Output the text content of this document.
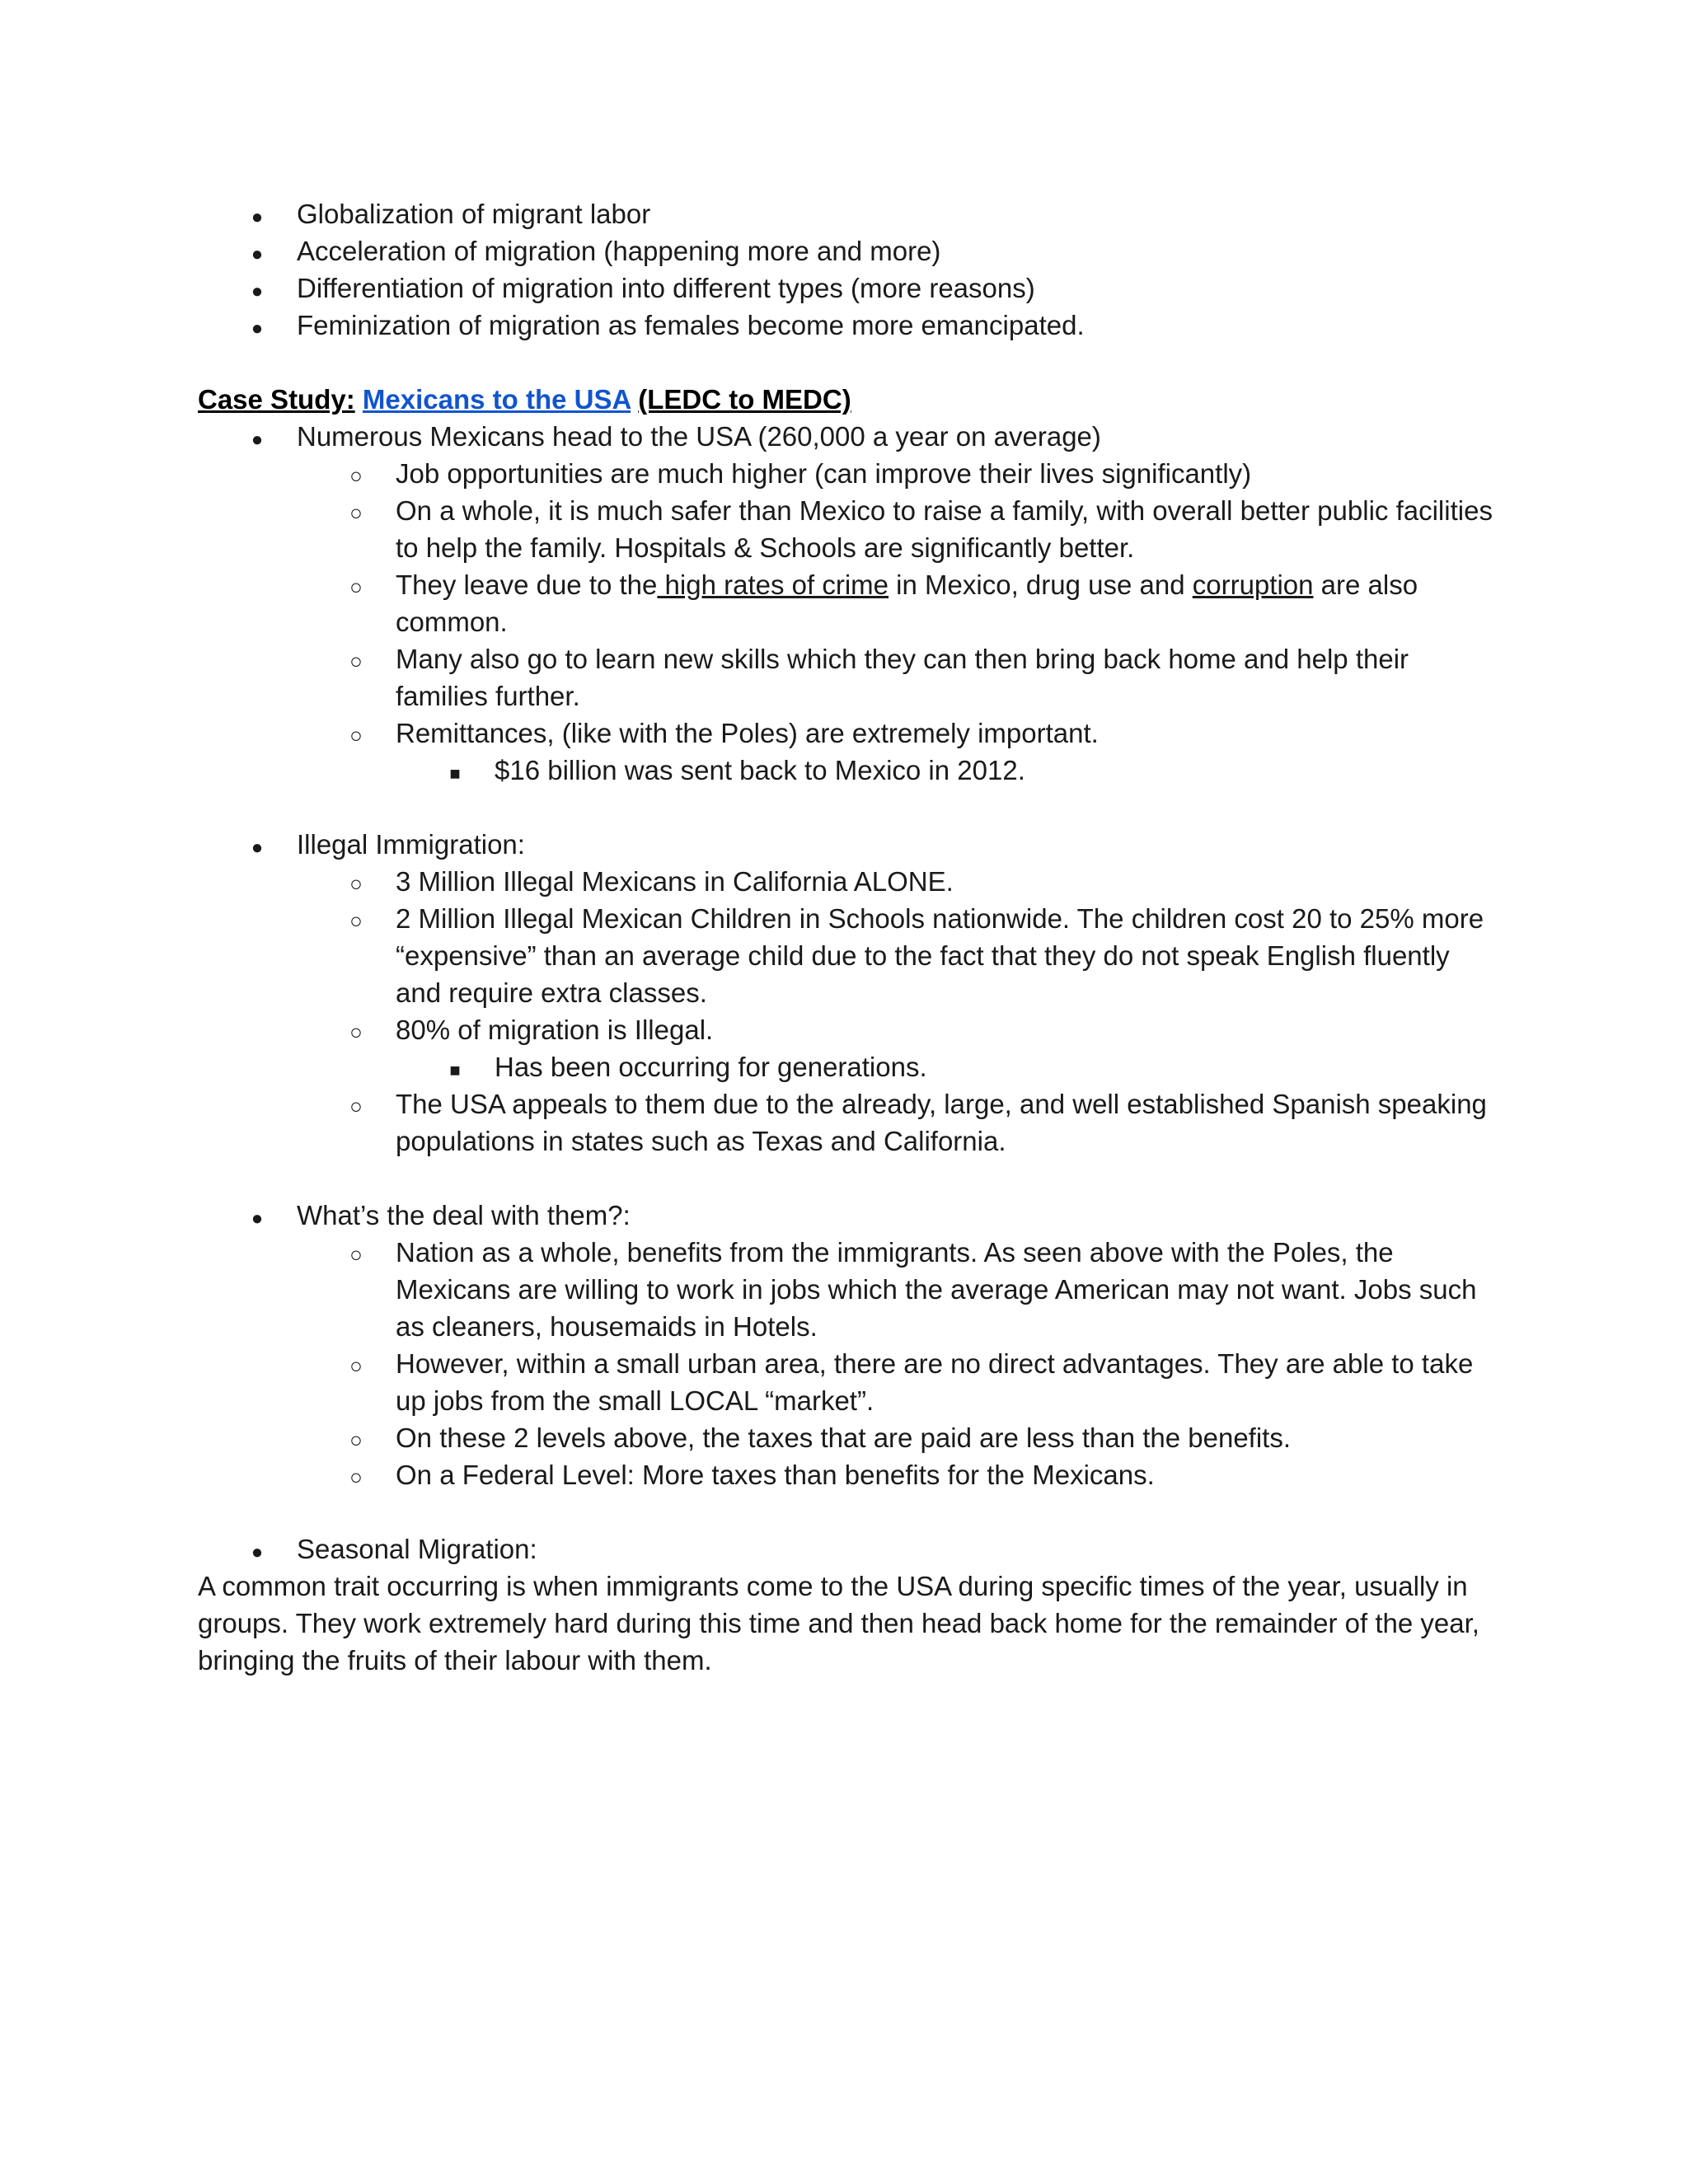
●
Globalization of migrant labor
●
Acceleration of migration (happening more and more)
●
Differentiation of migration into different types (more reasons)
●
Feminization of migration as females become more emancipated.
Case Study: Mexicans to the USA (LEDC to MEDC)
●
Numerous Mexicans head to the USA (260,000 a year on average)
○
Job opportunities are much higher (can improve their lives significantly)
○
On a whole, it is much safer than Mexico to raise a family, with overall better public facilities to help the family. Hospitals & Schools are significantly better.
○
They leave due to the high rates of crime in Mexico, drug use and corruption are also common.
○
Many also go to learn new skills which they can then bring back home and help their families further.
○
Remittances, (like with the Poles) are extremely important.
■
$16 billion was sent back to Mexico in 2012.
●
Illegal Immigration:
○
3 Million Illegal Mexicans in California ALONE.
○
2 Million Illegal Mexican Children in Schools nationwide. The children cost 20 to 25% more “expensive” than an average child due to the fact that they do not speak English fluently and require extra classes.
○
80% of migration is Illegal.
■
Has been occurring for generations.
○
The USA appeals to them due to the already, large, and well established Spanish speaking populations in states such as Texas and California.
●
What’s the deal with them?:
○
Nation as a whole, benefits from the immigrants. As seen above with the Poles, the Mexicans are willing to work in jobs which the average American may not want. Jobs such as cleaners, housemaids in Hotels.
○
However, within a small urban area, there are no direct advantages. They are able to take up jobs from the small LOCAL “market”.
○
On these 2 levels above, the taxes that are paid are less than the benefits.
○
On a Federal Level: More taxes than benefits for the Mexicans.
●
Seasonal Migration:

A common trait occurring is when immigrants come to the USA during specific times of the year, usually in groups. They work extremely hard during this time and then head back home for the remainder of the year, bringing the fruits of their labour with them.
